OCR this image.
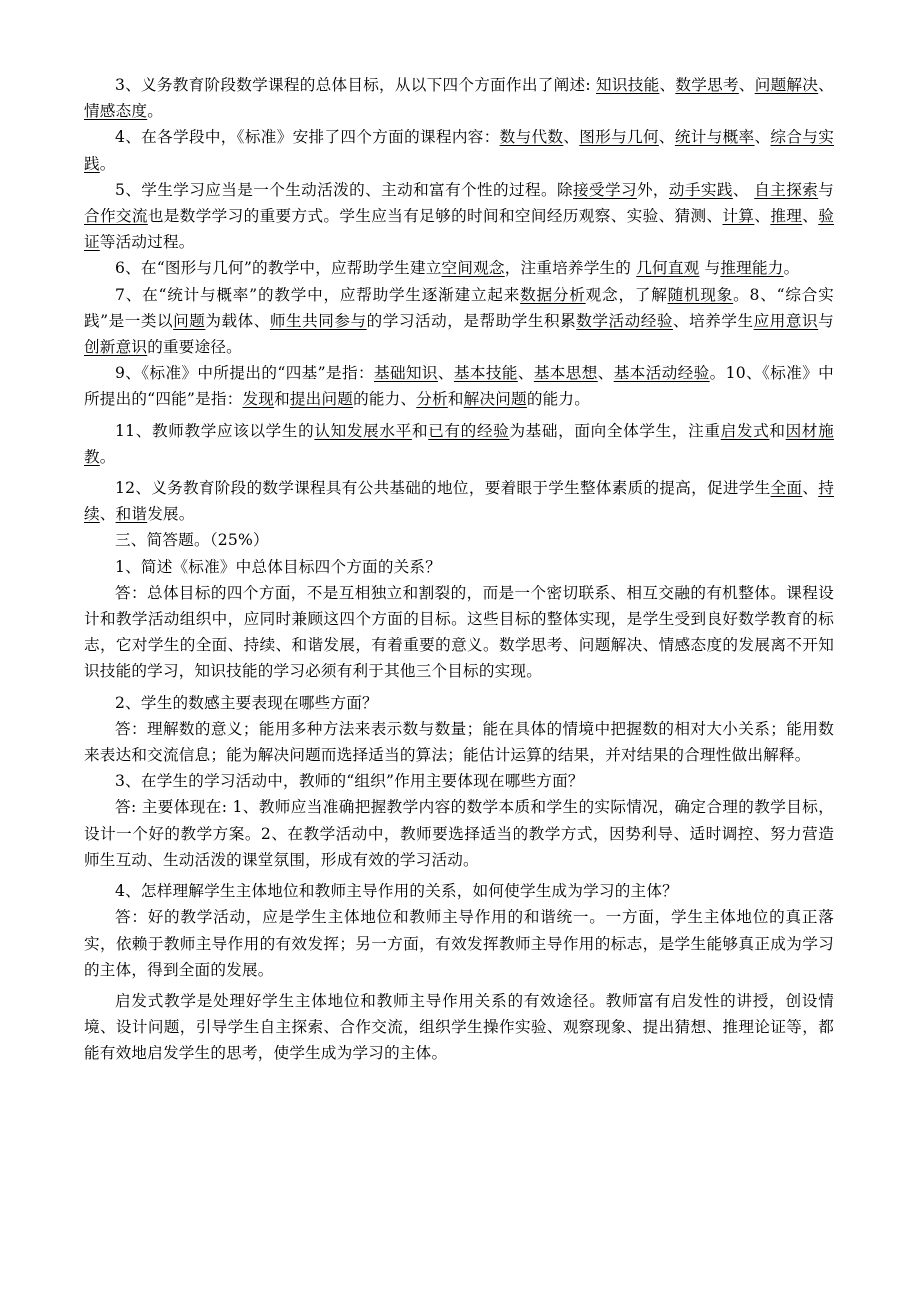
3、义务教育阶段数学课程的总体目标，从以下四个方面作出了阐述: 知识技能、数学思考、问题解决、情感态度。

4、在各学段中，《标准》安排了四个方面的课程内容：数与代数、图形与几何、统计与概率、综合与实践。

5、学生学习应当是一个生动活泼的、主动和富有个性的过程。除接受学习外，动手实践、 自主探索与合作交流也是数学学习的重要方式。学生应当有足够的时间和空间经历观察、实验、猜测、计算、推理、验证等活动过程。

6、在“图形与几何”的教学中，应帮助学生建立空间观念，注重培养学生的 几何直观 与推理能力。

7、在“统计与概率”的教学中，应帮助学生逐渐建立起来数据分析观念，了解随机现象。8、“综合实践”是一类以问题为载体、师生共同参与的学习活动，是帮助学生积累数学活动经验、培养学生应用意识与创新意识的重要途径。

9、《标准》中所提出的“四基”是指：基础知识、基本技能、基本思想、基本活动经验。10、《标准》中所提出的“四能”是指：发现和提出问题的能力、分析和解决问题的能力。

11、教师教学应该以学生的认知发展水平和已有的经验为基础，面向全体学生，注重启发式和因材施教。

12、义务教育阶段的数学课程具有公共基础的地位，要着眼于学生整体素质的提高，促进学生全面、持续、和谐发展。

三、简答题。（25%）

1、简述《标准》中总体目标四个方面的关系？

答：总体目标的四个方面，不是互相独立和割裂的，而是一个密切联系、相互交融的有机整体。课程设计和教学活动组织中，应同时兼顾这四个方面的目标。这些目标的整体实现，是学生受到良好数学教育的标志，它对学生的全面、持续、和谐发展，有着重要的意义。数学思考、问题解决、情感态度的发展离不开知识技能的学习，知识技能的学习必须有利于其他三个目标的实现。

2、学生的数感主要表现在哪些方面？

答：理解数的意义；能用多种方法来表示数与数量；能在具体的情境中把握数的相对大小关系；能用数来表达和交流信息；能为解决问题而选择适当的算法；能估计运算的结果，并对结果的合理性做出解释。

3、在学生的学习活动中，教师的“组织”作用主要体现在哪些方面？

答: 主要体现在: 1、教师应当准确把握教学内容的数学本质和学生的实际情况，确定合理的教学目标，设计一个好的教学方案。2、在教学活动中，教师要选择适当的教学方式，因势利导、适时调控、努力营造师生互动、生动活泼的课堂氛围，形成有效的学习活动。

4、怎样理解学生主体地位和教师主导作用的关系，如何使学生成为学习的主体？

答：好的教学活动，应是学生主体地位和教师主导作用的和谐统一。一方面，学生主体地位的真正落实，依赖于教师主导作用的有效发挥；另一方面，有效发挥教师主导作用的标志，是学生能够真正成为学习的主体，得到全面的发展。

启发式教学是处理好学生主体地位和教师主导作用关系的有效途径。教师富有启发性的讲授，创设情境、设计问题，引导学生自主探索、合作交流，组织学生操作实验、观察现象、提出猜想、推理论证等，都能有效地启发学生的思考，使学生成为学习的主体。
